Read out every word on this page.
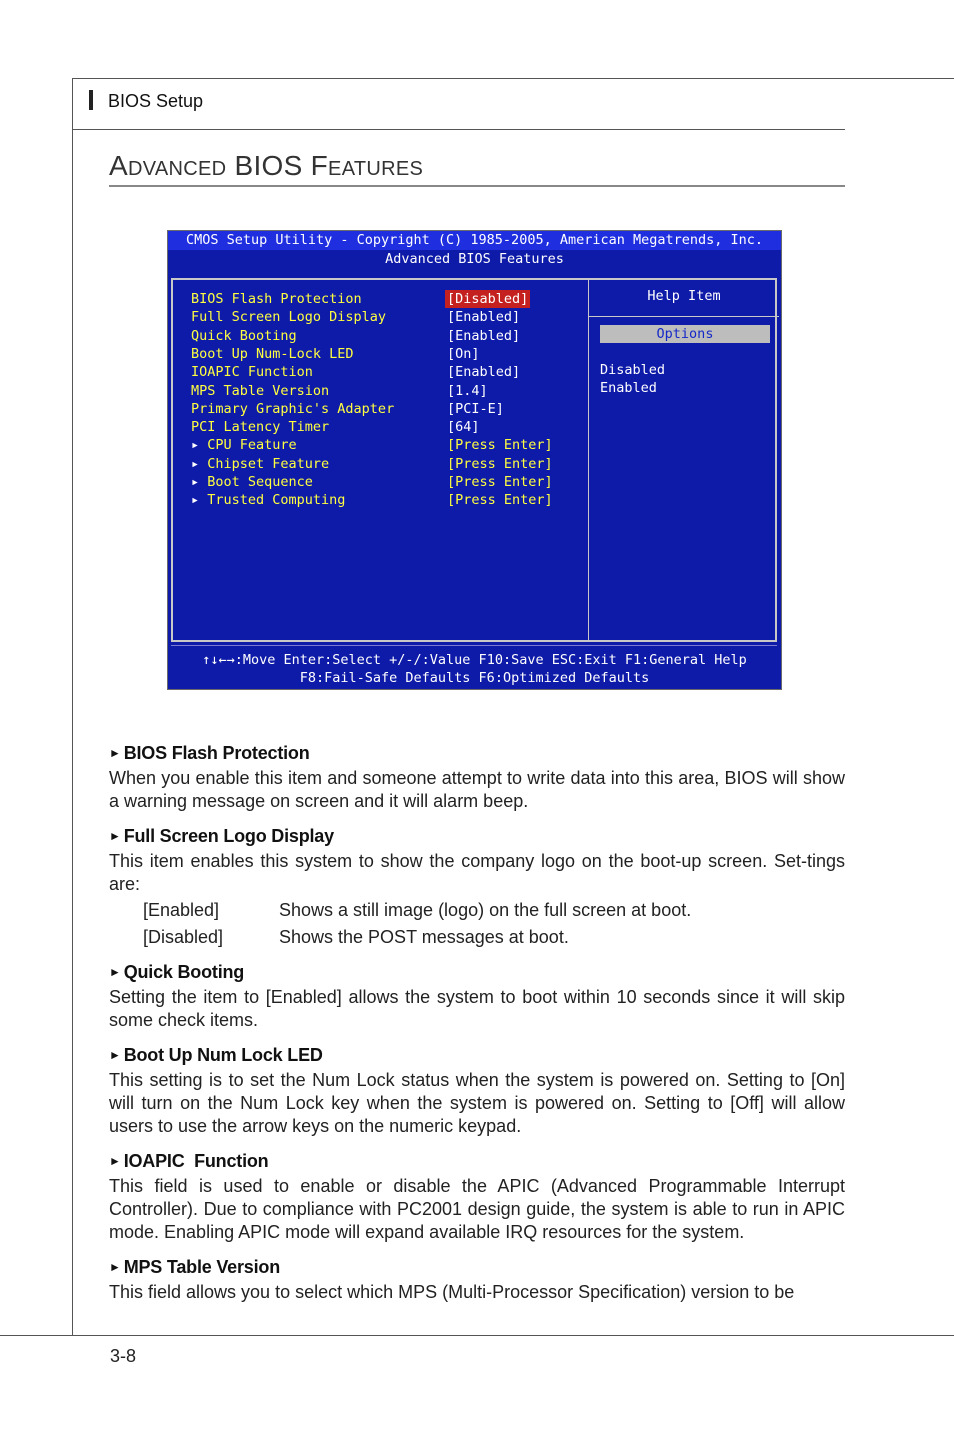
BIOS Setup
Advanced BIOS Features
CMOS Setup Utility - Copyright (C) 1985-2005, American Megatrends, Inc.
Advanced BIOS Features
BIOS Flash Protection	[Disabled]
Full Screen Logo Display	[Enabled]
Quick Booting	[Enabled]
Boot Up Num-Lock LED	[On]
IOAPIC Function	[Enabled]
MPS Table Version	[1.4]
Primary Graphic's Adapter	[PCI-E]
PCI Latency Timer	[64]
▸ CPU Feature	[Press Enter]
▸ Chipset Feature	[Press Enter]
▸ Boot Sequence	[Press Enter]
▸ Trusted Computing	[Press Enter]
Help Item
Options
Disabled
Enabled
↑↓←→:Move Enter:Select +/-/:Value F10:Save ESC:Exit F1:General Help
F8:Fail-Safe Defaults F6:Optimized Defaults
► BIOS Flash Protection
When you enable this item and someone attempt to write data into this area, BIOS will show a warning message on screen and it will alarm beep.
► Full Screen Logo Display
This item enables this system to show the company logo on the boot-up screen. Set-tings are:
[Enabled]	Shows a still image (logo) on the full screen at boot.
[Disabled]	Shows the POST messages at boot.
► Quick Booting
Setting the item to [Enabled] allows the system to boot within 10 seconds since it will skip some check items.
► Boot Up Num Lock LED
This setting is to set the Num Lock status when the system is powered on. Setting to [On] will turn on the Num Lock key when the system is powered on. Setting to [Off] will allow users to use the arrow keys on the numeric keypad.
► IOAPIC  Function
This field is used to enable or disable the APIC (Advanced Programmable Interrupt Controller). Due to compliance with PC2001 design guide, the system is able to run in APIC mode. Enabling APIC mode will expand available IRQ resources for the system.
► MPS Table Version
This field allows you to select which MPS (Multi-Processor Specification) version to be
3-8
